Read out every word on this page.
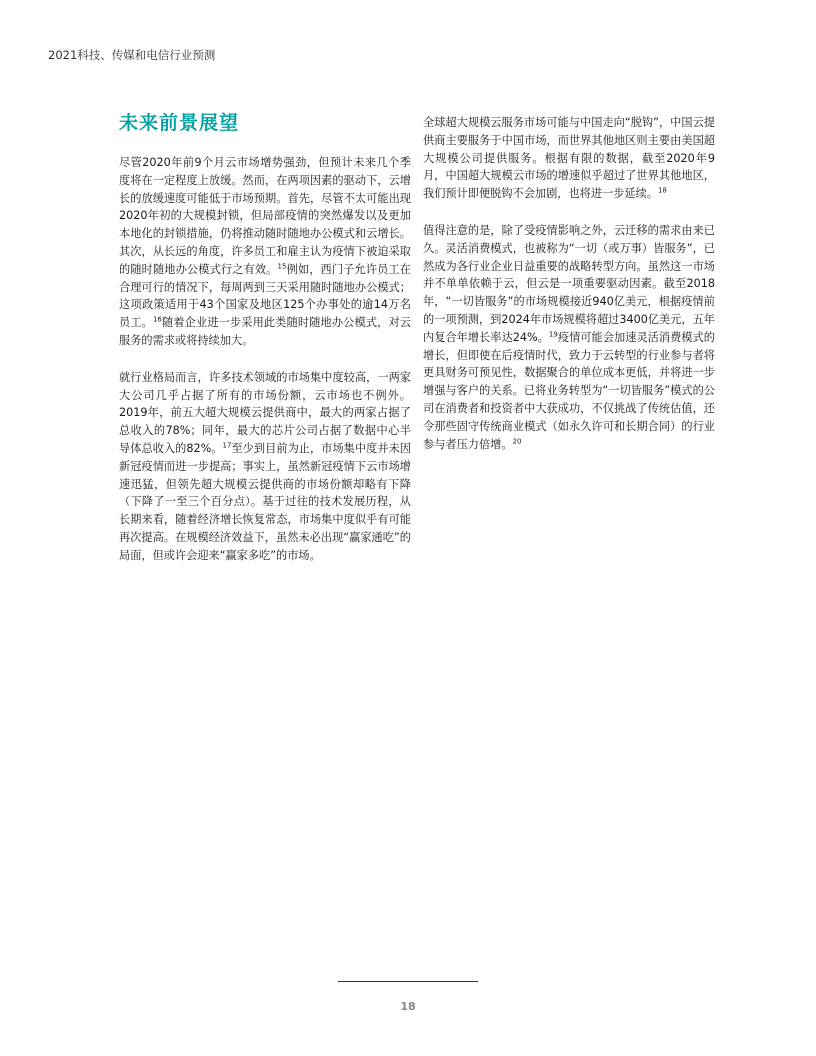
2021科技、传媒和电信行业预测
未来前景展望

尽管2020年前9个月云市场增势强劲，但预计未来几个季度将在一定程度上放缓。然而，在两项因素的驱动下，云增长的放缓速度可能低于市场预期。首先，尽管不太可能出现2020年初的大规模封锁，但局部疫情的突然爆发以及更加本地化的封锁措施，仍将推动随时随地办公模式和云增长。其次，从长远的角度，许多员工和雇主认为疫情下被迫采取的随时随地办公模式行之有效。$^{15}$例如，西门子允许员工在合理可行的情况下，每周两到三天采用随时随地办公模式；这项政策适用于43个国家及地区125个办事处的逾14万名员工。$^{16}$随着企业进一步采用此类随时随地办公模式，对云服务的需求或将持续加大。

就行业格局而言，许多技术领域的市场集中度较高，一两家大公司几乎占据了所有的市场份额，云市场也不例外。2019年，前五大超大规模云提供商中，最大的两家占据了总收入的78%；同年，最大的芯片公司占据了数据中心半导体总收入的82%。$^{17}$至少到目前为止，市场集中度并未因新冠疫情而进一步提高；事实上，虽然新冠疫情下云市场增速迅猛，但领先超大规模云提供商的市场份额却略有下降（下降了一至三个百分点）。基于过往的技术发展历程，从长期来看，随着经济增长恢复常态，市场集中度似乎有可能再次提高。在规模经济效益下，虽然未必出现“赢家通吃”的局面，但或许会迎来“赢家多吃”的市场。

全球超大规模云服务市场可能与中国走向“脱钩”，中国云提供商主要服务于中国市场，而世界其他地区则主要由美国超大规模公司提供服务。根据有限的数据，截至2020年9月，中国超大规模云市场的增速似乎超过了世界其他地区，我们预计即便脱钩不会加剧，也将进一步延续。$^{18}$

值得注意的是，除了受疫情影响之外，云迁移的需求由来已久。灵活消费模式，也被称为“一切（或万事）皆服务”，已然成为各行业企业日益重要的战略转型方向。虽然这一市场并不单单依赖于云，但云是一项重要驱动因素。截至2018年，“一切皆服务”的市场规模接近940亿美元，根据疫情前的一项预测，到2024年市场规模将超过3400亿美元，五年内复合年增长率达24%。$^{19}$疫情可能会加速灵活消费模式的增长，但即使在后疫情时代，致力于云转型的行业参与者将更具财务可预见性，数据聚合的单位成本更低，并将进一步增强与客户的关系。已将业务转型为“一切皆服务”模式的公司在消费者和投资者中大获成功，不仅挑战了传统估值，还令那些固守传统商业模式（如永久许可和长期合同）的行业参与者压力倍增。$^{20}$

18
